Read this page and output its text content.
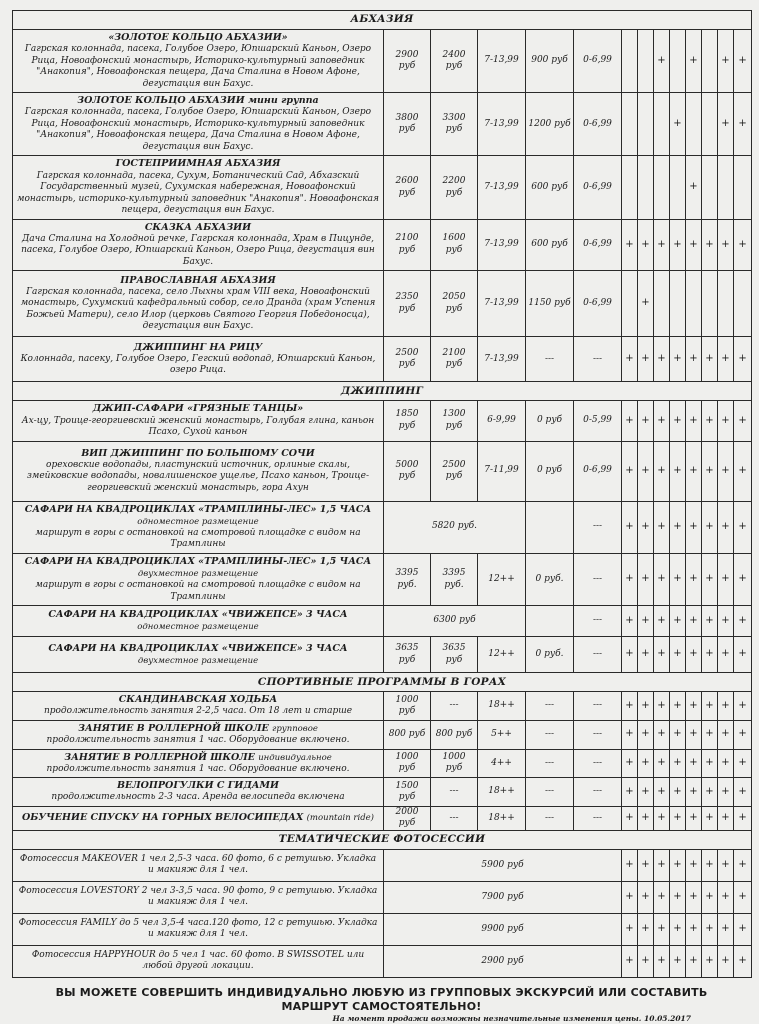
АБХАЗИЯ													

«ЗОЛОТОЕ КОЛЬЦО АБХАЗИИ»
Гагрская колоннада, пасека, Голубое Озеро, Юпшарский Каньон, Озеро Рица, Новоафонский монастырь, Историко-культурный заповедник "Анакопия", Новоафонская пещера, Дача Сталина в Новом Афоне, дегустация вин Бахус.	2900 руб	2400 руб	7-13,99	900 руб	0-6,99			+		+		+	+

ЗОЛОТОЕ КОЛЬЦО АБХАЗИИ мини группа
Гагрская колоннада, пасека, Голубое Озеро, Юпшарский Каньон, Озеро Рица, Новоафонский монастырь, Историко-культурный заповедник "Анакопия", Новоафонская пещера, Дача Сталина в Новом Афоне, дегустация вин Бахус.	3800 руб	3300 руб	7-13,99	1200 руб	0-6,99				+			+	+

ГОСТЕПРИИМНАЯ АБХАЗИЯ
Гагрская колоннада, пасека, Сухум, Ботанический Сад, Абхазский Государственный музей, Сухумская набережная, Новоафонский монастырь, историко-культурный заповедник "Анакопия". Новоафонская пещера, дегустация вин Бахус.	2600 руб	2200 руб	7-13,99	600 руб	0-6,99					+			

СКАЗКА АБХАЗИИ
Дача Сталина на Холодной речке, Гагрская колоннада, Храм в Пицунде, пасека, Голубое Озеро, Юпшарский Каньон, Озеро Рица, дегустация вин Бахус.	2100 руб	1600 руб	7-13,99	600 руб	0-6,99	+	+	+	+	+	+	+	+

ПРАВОСЛАВНАЯ АБХАЗИЯ
Гагрская колоннада, пасека, село Лыхны храм VIII века, Новоафонский монастырь, Сухумский кафедральный собор, село Дранда (храм Успения Божьей Матери), село Илор (церковь Святого Георгия Победоносца), дегустация вин Бахус.	2350 руб	2050 руб	7-13,99	1150 руб	0-6,99		+						

ДЖИППИНГ НА РИЦУ
Колоннада, пасеку, Голубое Озеро, Гегский водопад, Юпшарский Каньон, озеро Рица.	2500 руб	2100 руб	7-13,99	---	---	+	+	+	+	+	+	+	+
ДЖИППИНГ													

ДЖИП-САФАРИ «ГРЯЗНЫЕ ТАНЦЫ»
Ах-цу, Троице-георгиевский женский монастырь, Голубая глина, каньон Псахо, Сухой каньон	1850 руб	1300 руб	6-9,99	0 руб	0-5,99	+	+	+	+	+	+	+	+

ВИП ДЖИППИНГ ПО БОЛЬШОМУ СОЧИ
ореховские водопады, пластунский источник, орлиные скалы, змейковские водопады, новалишенское ущелье, Псахо каньон, Троице-георгиевский женский монастырь, гора Ахун	5000 руб	2500 руб	7-11,99	0 руб	0-6,99	+	+	+	+	+	+	+	+

САФАРИ НА КВАДРОЦИКЛАХ «ТРАМПЛИНЫ-ЛЕС» 1,5 ЧАСА одноместное размещение
маршрут в горы с остановкой на смотровой площадке с видом на Трамплины	5820 руб.				---	+	+	+	+	+	+	+	+

САФАРИ НА КВАДРОЦИКЛАХ «ТРАМПЛИНЫ-ЛЕС» 1,5 ЧАСА двухместное размещение
маршрут в горы с остановкой на смотровой площадке с видом на Трамплины	3395 руб.	3395 руб.	12++	0 руб.	---	+	+	+	+	+	+	+	+

САФАРИ НА КВАДРОЦИКЛАХ «ЧВИЖЕПСЕ» 3 ЧАСА одноместное размещение	6300 руб				---	+	+	+	+	+	+	+	+

САФАРИ НА КВАДРОЦИКЛАХ «ЧВИЖЕПСЕ» 3 ЧАСА двухместное размещение	3635 руб	3635 руб	12++	0 руб.	---	+	+	+	+	+	+	+	+
СПОРТИВНЫЕ ПРОГРАММЫ В ГОРАХ													

СКАНДИНАВСКАЯ ХОДЬБА
продолжительность занятия 2-2,5 часа. От 18 лет и старше	1000 руб	---	18++	---	---	+	+	+	+	+	+	+	+

ЗАНЯТИЕ В РОЛЛЕРНОЙ ШКОЛЕ групповое
продолжительность занятия 1 час. Оборудование включено.	800 руб	800 руб	5++	---	---	+	+	+	+	+	+	+	+

ЗАНЯТИЕ В РОЛЛЕРНОЙ ШКОЛЕ индивидуальное
продолжительность занятия 1 час. Оборудование включено.	1000 руб	1000 руб	4++	---	---	+	+	+	+	+	+	+	+

ВЕЛОПРОГУЛКИ С ГИДАМИ
продолжительность 2-3 часа. Аренда велосипеда включена	1500 руб	---	18++	---	---	+	+	+	+	+	+	+	+

ОБУЧЕНИЕ СПУСКУ НА ГОРНЫХ ВЕЛОСИПЕДАХ (mountain ride)	2000 руб	---	18++	---	---	+	+	+	+	+	+	+	+
ТЕМАТИЧЕСКИЕ ФОТОСЕССИИ													
Фотосессия MAKEOVER 1 чел 2,5-3 часа. 60 фото, 6 с ретушью. Укладка и макияж для 1 чел.	5900 руб					+	+	+	+	+	+	+	+
Фотосессия LOVESTORY 2 чел 3-3,5 часа. 90 фото, 9 с ретушью. Укладка и макияж для 1 чел.	7900 руб					+	+	+	+	+	+	+	+
Фотосессия FAMILY до 5 чел 3,5-4 часа.120 фото, 12 с ретушью. Укладка и макияж для 1 чел.	9900 руб					+	+	+	+	+	+	+	+
Фотосессия HAPPYHOUR до 5 чел 1 час. 60 фото. В SWISSOTEL или любой другой локации.	2900 руб					+	+	+	+	+	+	+	+
ВЫ МОЖЕТЕ СОВЕРШИТЬ ИНДИВИДУАЛЬНО ЛЮБУЮ ИЗ ГРУППОВЫХ ЭКСКУРСИЙ ИЛИ СОСТАВИТЬ
МАРШРУТ САМОСТОЯТЕЛЬНО!
На момент продажи возможны незначительные изменения цены. 10.05.2017
